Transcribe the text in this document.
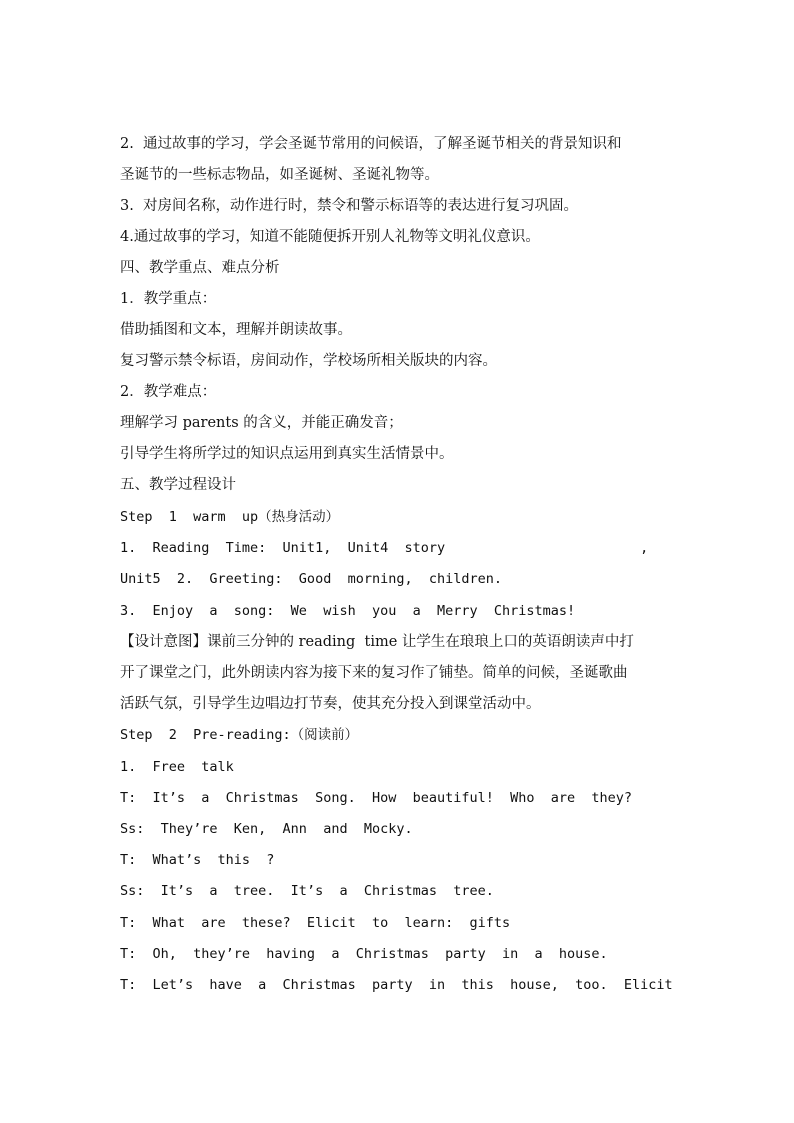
2.  通过故事的学习，学会圣诞节常用的问候语，了解圣诞节相关的背景知识和
圣诞节的一些标志物品，如圣诞树、圣诞礼物等。
3.  对房间名称，动作进行时，禁令和警示标语等的表达进行复习巩固。
4.通过故事的学习，知道不能随便拆开别人礼物等文明礼仪意识。
四、教学重点、难点分析
1．教学重点：
借助插图和文本，理解并朗读故事。
复习警示禁令标语，房间动作，学校场所相关版块的内容。
2．教学难点：
理解学习 parents 的含义，并能正确发音；
引导学生将所学过的知识点运用到真实生活情景中。
五、教学过程设计
Step  1  warm  up（热身活动）
1.  Reading  Time:  Unit1,  Unit4  story                        ,
Unit5  2.  Greeting:  Good  morning,  children.
3.  Enjoy  a  song:  We  wish  you  a  Merry  Christmas!
【设计意图】课前三分钟的 reading  time 让学生在琅琅上口的英语朗读声中打
开了课堂之门，此外朗读内容为接下来的复习作了铺垫。简单的问候，圣诞歌曲
活跃气氛，引导学生边唱边打节奏，使其充分投入到课堂活动中。
Step  2  Pre-reading:（阅读前）
1.  Free  talk
T:  It’s  a  Christmas  Song.  How  beautiful!  Who  are  they?
Ss:  They’re  Ken,  Ann  and  Mocky.
T:  What’s  this  ?
Ss:  It’s  a  tree.  It’s  a  Christmas  tree.
T:  What  are  these?  Elicit  to  learn:  gifts
T:  Oh,  they’re  having  a  Christmas  party  in  a  house.
T:  Let’s  have  a  Christmas  party  in  this  house,  too.  Elicit
